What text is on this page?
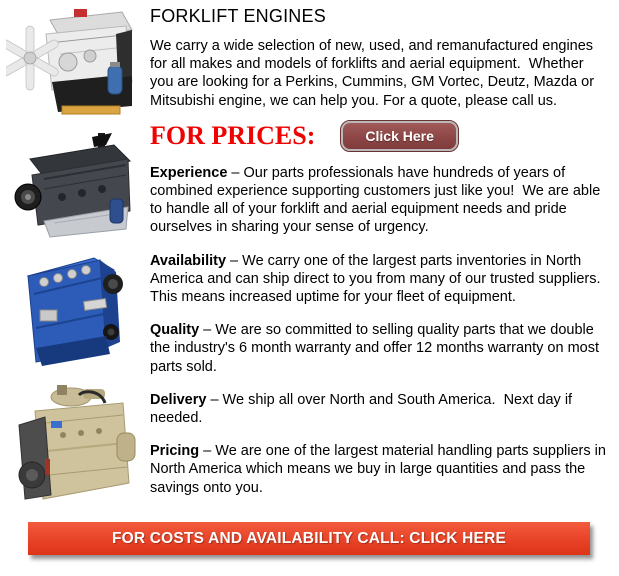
FORKLIFT ENGINES

We carry a wide selection of new, used, and remanufactured engines for all makes and models of forklifts and aerial equipment.  Whether you are looking for a Perkins, Cummins, GM Vortec, Deutz, Mazda or Mitsubishi engine, we can help you. For a quote, please call us.

FOR PRICES:	Click Here

Experience – Our parts professionals have hundreds of years of combined experience supporting customers just like you!  We are able to handle all of your forklift and aerial equipment needs and pride ourselves in sharing your sense of urgency.

Availability – We carry one of the largest parts inventories in North America and can ship direct to you from many of our trusted suppliers. This means increased uptime for your fleet of equipment.

Quality – We are so committed to selling quality parts that we double the industry's 6 month warranty and offer 12 months warranty on most parts sold.

Delivery – We ship all over North and South America.  Next day if needed.

Pricing – We are one of the largest material handling parts suppliers in North America which means we buy in large quantities and pass the savings onto you.

FOR COSTS AND AVAILABILITY CALL: CLICK HERE
